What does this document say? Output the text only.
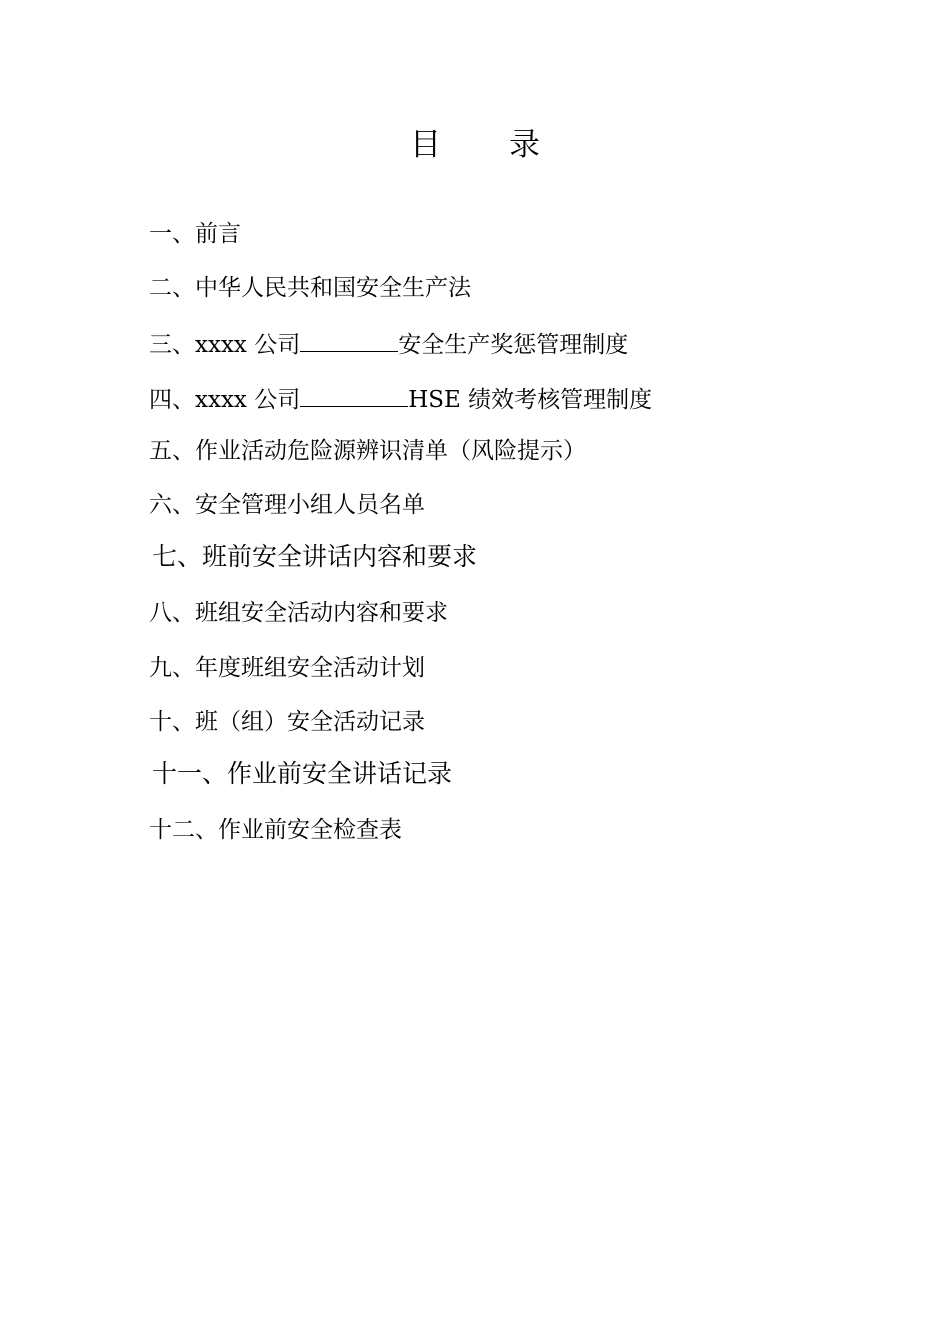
目 录
一、前言
二、中华人民共和国安全生产法
三、xxxx 公司	安全生产奖惩管理制度
四、xxxx 公司	HSE 绩效考核管理制度
五、作业活动危险源辨识清单（风险提示）
六、安全管理小组人员名单
七、班前安全讲话内容和要求
八、班组安全活动内容和要求
九、年度班组安全活动计划
十、班（组）安全活动记录
十一、作业前安全讲话记录
十二、作业前安全检查表
